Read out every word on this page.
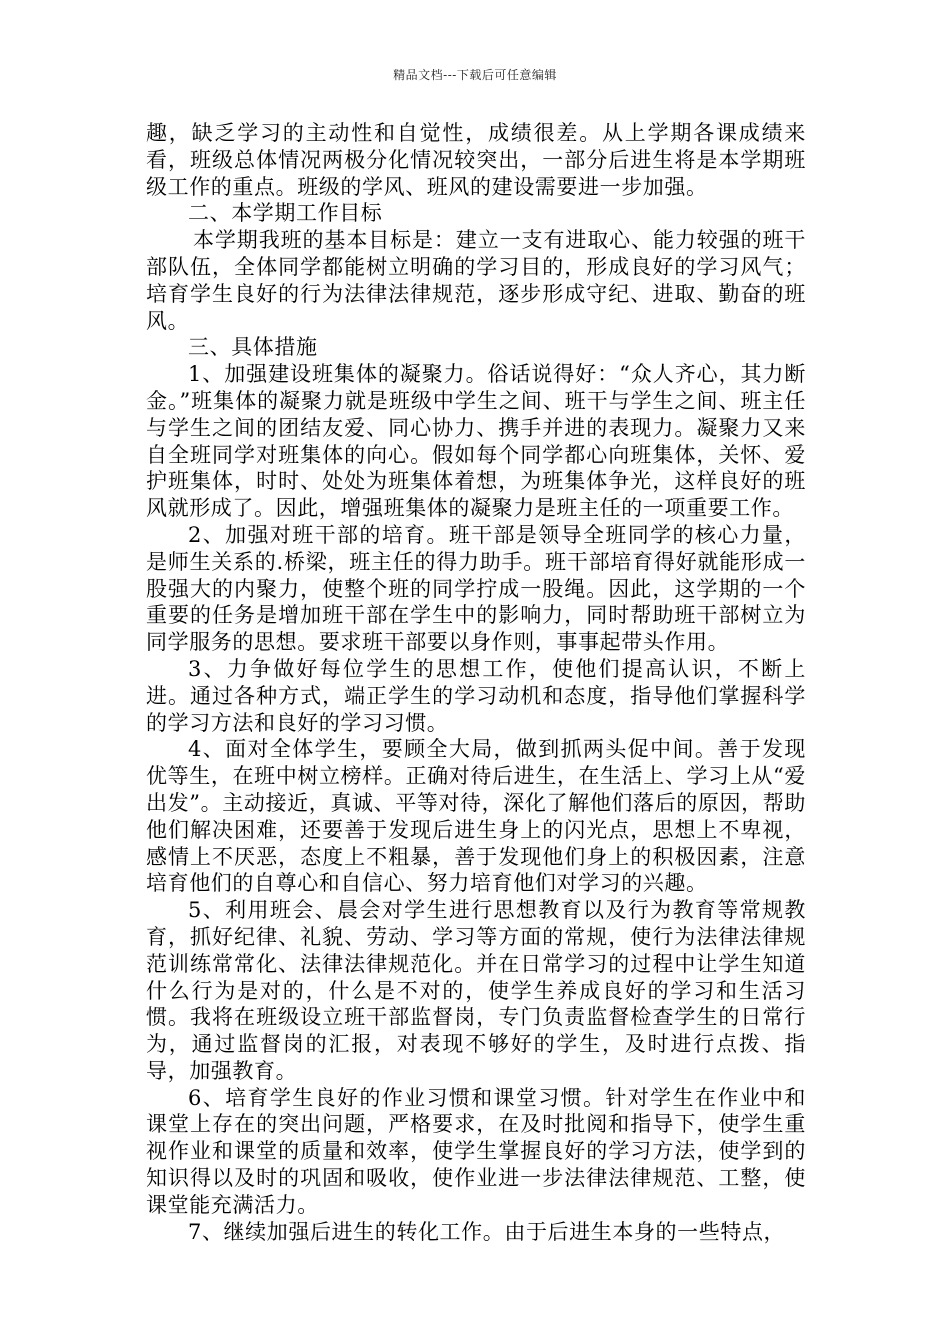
精品文档---下载后可任意编辑

趣，缺乏学习的主动性和自觉性，成绩很差。从上学期各课成绩来看，班级总体情况两极分化情况较突出，一部分后进生将是本学期班级工作的重点。班级的学风、班风的建设需要进一步加强。

二、本学期工作目标

本学期我班的基本目标是：建立一支有进取心、能力较强的班干部队伍，全体同学都能树立明确的学习目的，形成良好的学习风气；培育学生良好的行为法律法律规范，逐步形成守纪、进取、勤奋的班风。

三、具体措施

1、加强建设班集体的凝聚力。俗话说得好：“众人齐心，其力断金。”班集体的凝聚力就是班级中学生之间、班干与学生之间、班主任与学生之间的团结友爱、同心协力、携手并进的表现力。凝聚力又来自全班同学对班集体的向心。假如每个同学都心向班集体，关怀、爱护班集体，时时、处处为班集体着想，为班集体争光，这样良好的班风就形成了。因此，增强班集体的凝聚力是班主任的一项重要工作。

2、加强对班干部的培育。班干部是领导全班同学的核心力量，是师生关系的.桥梁，班主任的得力助手。班干部培育得好就能形成一股强大的内聚力，使整个班的同学拧成一股绳。因此，这学期的一个重要的任务是增加班干部在学生中的影响力，同时帮助班干部树立为同学服务的思想。要求班干部要以身作则，事事起带头作用。

3、力争做好每位学生的思想工作，使他们提高认识，不断上进。通过各种方式，端正学生的学习动机和态度，指导他们掌握科学的学习方法和良好的学习习惯。

4、面对全体学生，要顾全大局，做到抓两头促中间。善于发现优等生，在班中树立榜样。正确对待后进生，在生活上、学习上从“爱出发”。主动接近，真诚、平等对待，深化了解他们落后的原因，帮助他们解决困难，还要善于发现后进生身上的闪光点，思想上不卑视，感情上不厌恶，态度上不粗暴，善于发现他们身上的积极因素，注意培育他们的自尊心和自信心、努力培育他们对学习的兴趣。

5、利用班会、晨会对学生进行思想教育以及行为教育等常规教育，抓好纪律、礼貌、劳动、学习等方面的常规，使行为法律法律规范训练常常化、法律法律规范化。并在日常学习的过程中让学生知道什么行为是对的，什么是不对的，使学生养成良好的学习和生活习惯。我将在班级设立班干部监督岗，专门负责监督检查学生的日常行为，通过监督岗的汇报，对表现不够好的学生，及时进行点拨、指导，加强教育。

6、培育学生良好的作业习惯和课堂习惯。针对学生在作业中和课堂上存在的突出问题，严格要求，在及时批阅和指导下，使学生重视作业和课堂的质量和效率，使学生掌握良好的学习方法，使学到的知识得以及时的巩固和吸收，使作业进一步法律法律规范、工整，使课堂能充满活力。

7、继续加强后进生的转化工作。由于后进生本身的一些特点，
